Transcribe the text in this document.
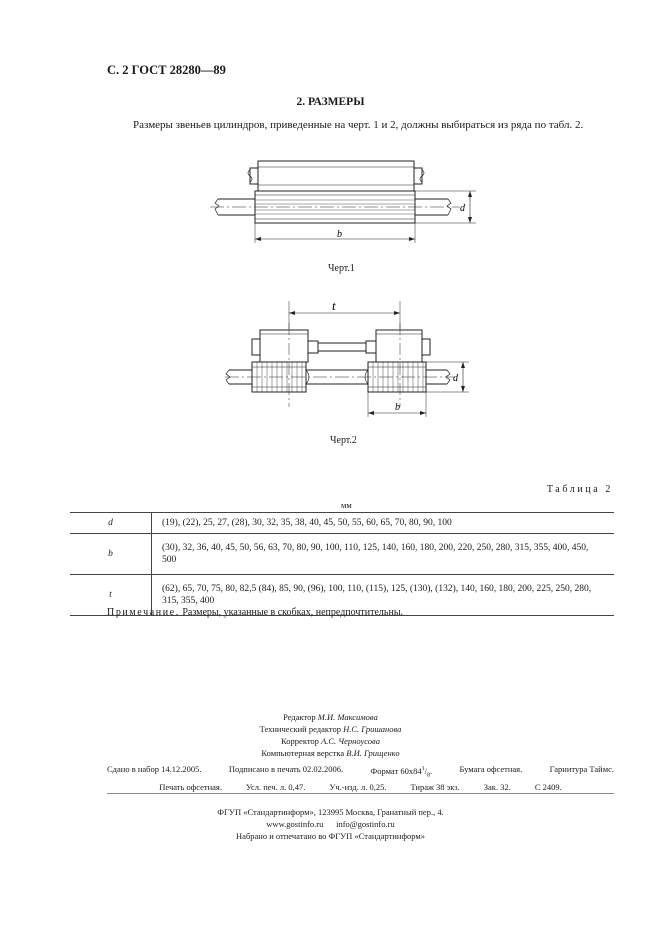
С. 2 ГОСТ 28280—89
2. РАЗМЕРЫ
Размеры звеньев цилиндров, приведенные на черт. 1 и 2, должны выбираться из ряда по табл. 2.
d
b
Черт.1
t
d
b
Черт.2
Таблица 2
мм
d	(19), (22), 25, 27, (28), 30, 32, 35, 38, 40, 45, 50, 55, 60, 65, 70, 80, 90, 100
b	(30), 32, 36, 40, 45, 50, 56, 63, 70, 80, 90, 100, 110, 125, 140, 160, 180, 200, 220, 250, 280, 315, 355, 400, 450, 500
t	(62), 65, 70, 75, 80, 82,5 (84), 85, 90, (96), 100, 110, (115), 125, (130), (132), 140, 160, 180, 200, 225, 250, 280, 315, 355, 400
Примечание. Размеры, указанные в скобках, непредпочтительны.
Редактор М.И. Максимова
Технический редактор Н.С. Гришанова
Корректор А.С. Черноусова
Компьютерная верстка В.И. Грищенко
Сдано в набор 14.12.2005.	Подписано в печать 02.02.2006.	Формат $60х84^1/_8$.	Бумага офсетная.	Гарнитура Таймс.
Печать офсетная.	Усл. печ. л. 0,47.	Уч.-изд. л. 0,25.	Тираж 38 экз.	Зак. 32.	С 2409.
ФГУП «Стандартинформ», 123995 Москва, Гранатный пер., 4.
www.gostinfo.ru info@gostinfo.ru
Набрано и отпечатано во ФГУП «Стандартинформ»
